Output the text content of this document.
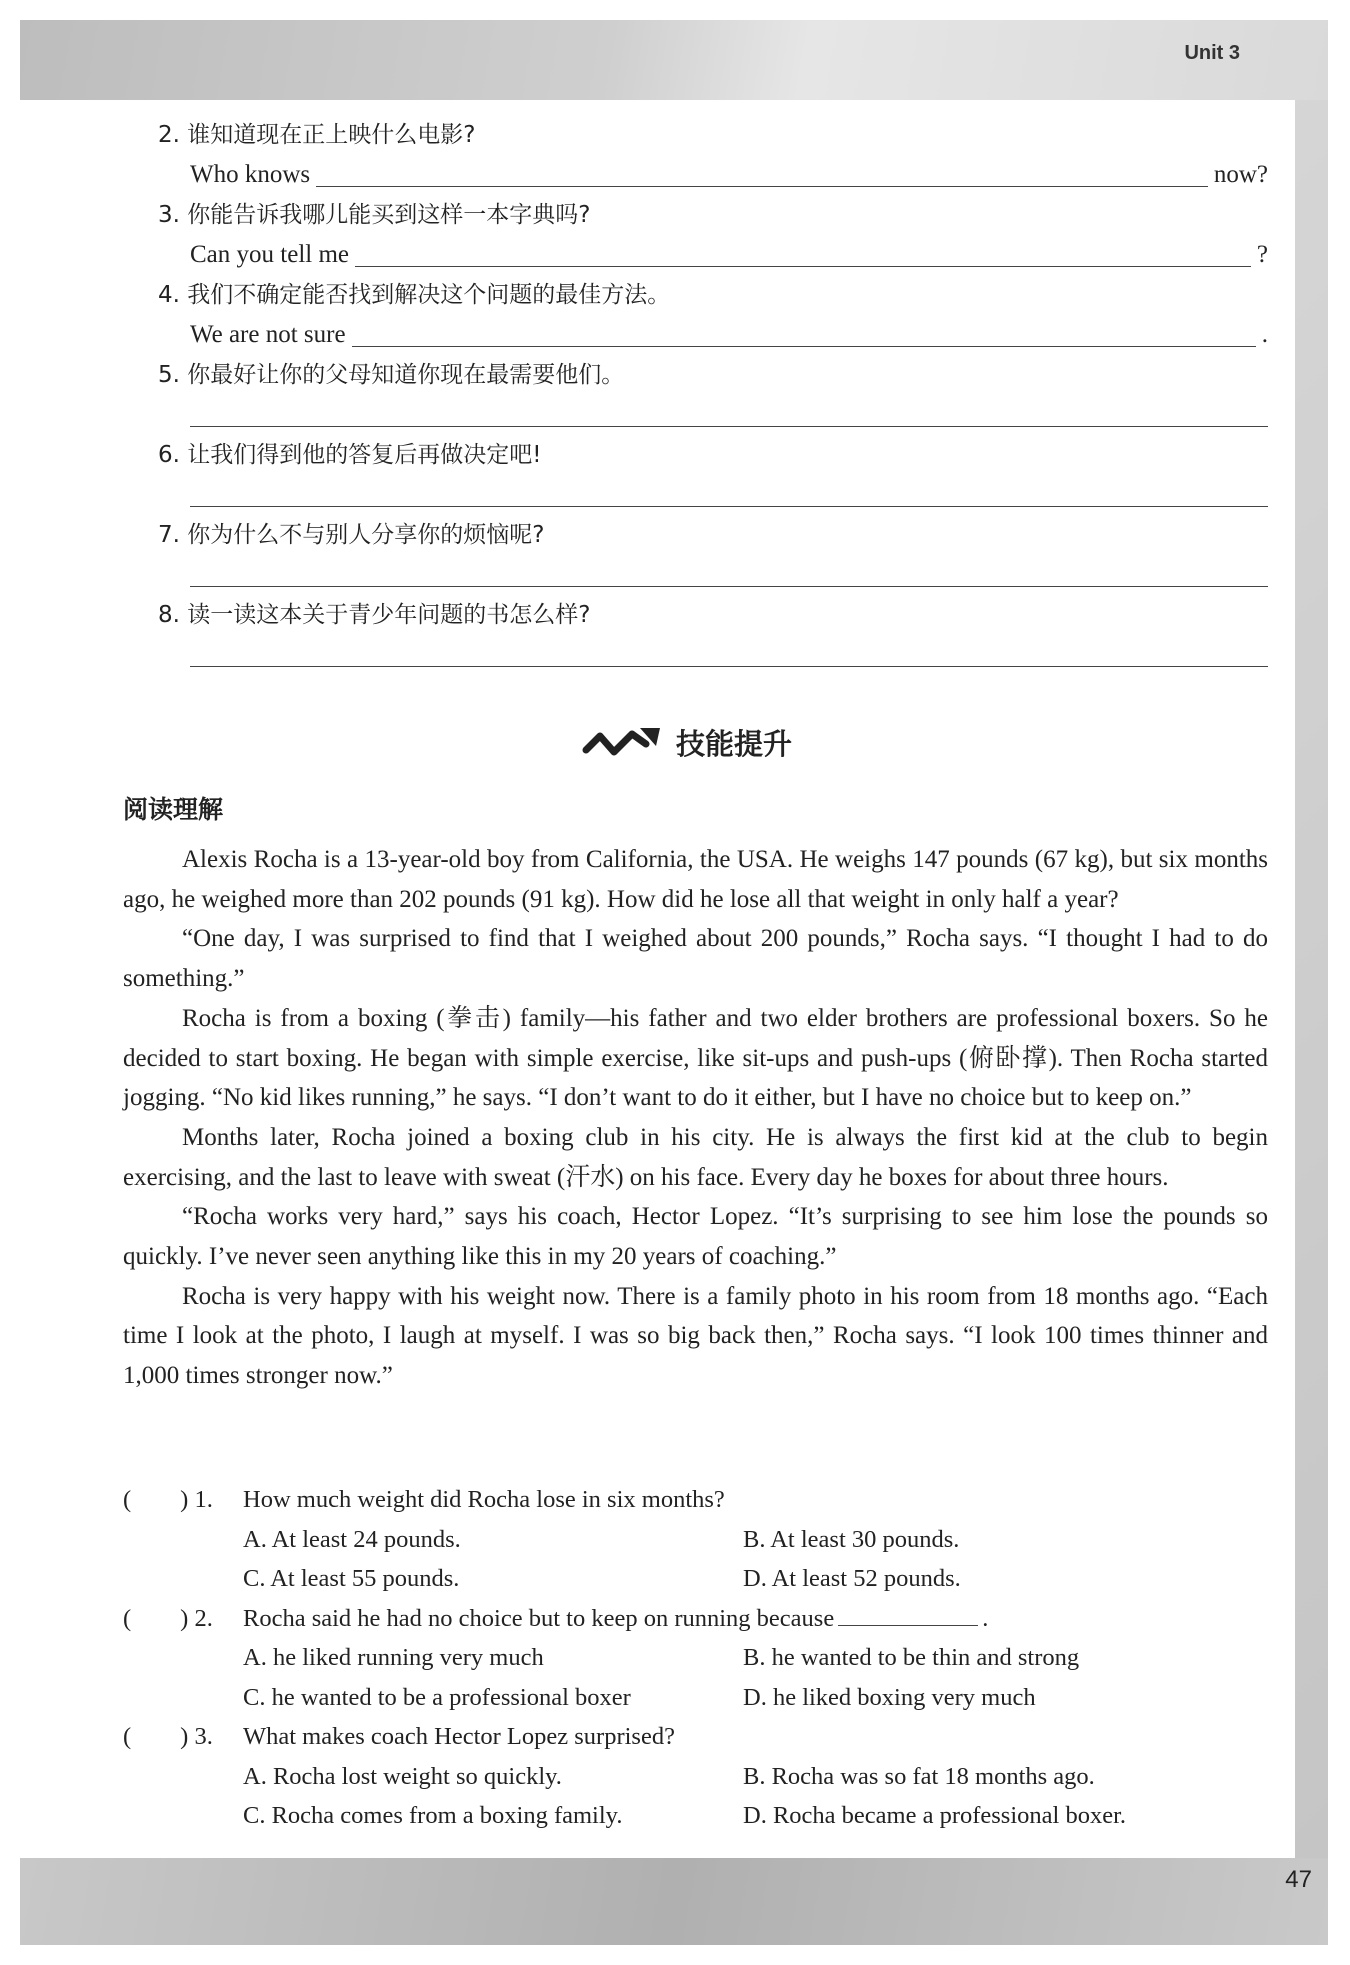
Unit 3
47
2. 谁知道现在正上映什么电影?
Who knows	now?
3. 你能告诉我哪儿能买到这样一本字典吗?
Can you tell me	?
4. 我们不确定能否找到解决这个问题的最佳方法。
We are not sure	.
5. 你最好让你的父母知道你现在最需要他们。
6. 让我们得到他的答复后再做决定吧!
7. 你为什么不与别人分享你的烦恼呢?
8. 读一读这本关于青少年问题的书怎么样?
技能提升
阅读理解

Alexis Rocha is a 13-year-old boy from California, the USA. He weighs 147 pounds (67 kg), but six months ago, he weighed more than 202 pounds (91 kg). How did he lose all that weight in only half a year?

“One day, I was surprised to find that I weighed about 200 pounds,” Rocha says. “I thought I had to do something.”

Rocha is from a boxing (拳击) family—his father and two elder brothers are professional boxers. So he decided to start boxing. He began with simple exercise, like sit-ups and push-ups (俯卧撑). Then Rocha started jogging. “No kid likes running,” he says. “I don’t want to do it either, but I have no choice but to keep on.”

Months later, Rocha joined a boxing club in his city. He is always the first kid at the club to begin exercising, and the last to leave with sweat (汗水) on his face. Every day he boxes for about three hours.

“Rocha works very hard,” says his coach, Hector Lopez. “It’s surprising to see him lose the pounds so quickly. I’ve never seen anything like this in my 20 years of coaching.”

Rocha is very happy with his weight now. There is a family photo in his room from 18 months ago. “Each time I look at the photo, I laugh at myself. I was so big back then,” Rocha says. “I look 100 times thinner and 1,000 times stronger now.”

(　　) 1.	How much weight did Rocha lose in six months?
A. At least 24 pounds.	B. At least 30 pounds.
C. At least 55 pounds.	D. At least 52 pounds.
(　　) 2.	Rocha said he had no choice but to keep on running because	.
A. he liked running very much	B. he wanted to be thin and strong
C. he wanted to be a professional boxer	D. he liked boxing very much
(　　) 3.	What makes coach Hector Lopez surprised?
A. Rocha lost weight so quickly.	B. Rocha was so fat 18 months ago.
C. Rocha comes from a boxing family.	D. Rocha became a professional boxer.
